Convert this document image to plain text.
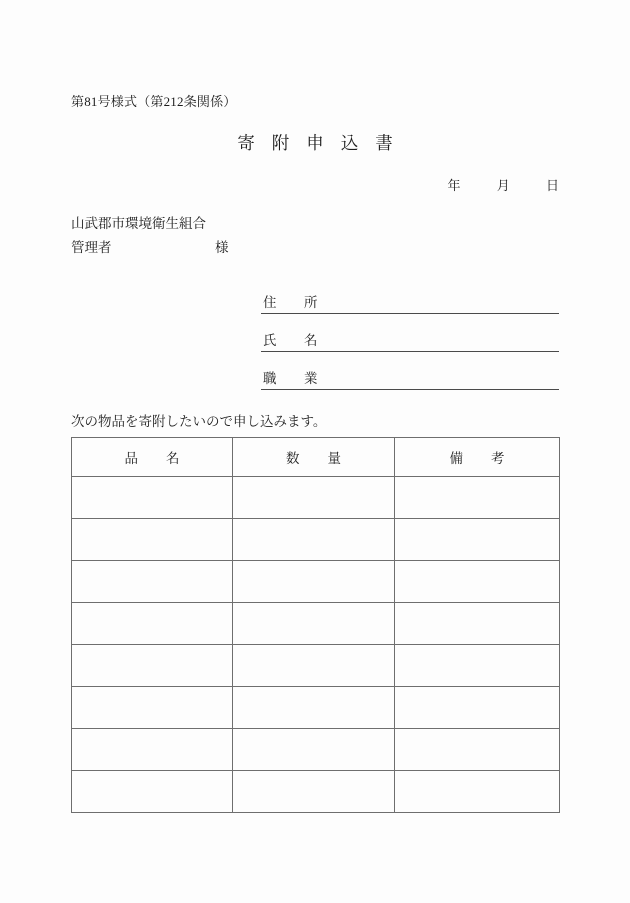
第81号様式（第212条関係）
寄附申込書
年	月	日
山武郡市環境衛生組合
管理者	様
住　所
氏　名
職　業
次の物品を寄附したいので申し込みます。
品名	数量	備考
